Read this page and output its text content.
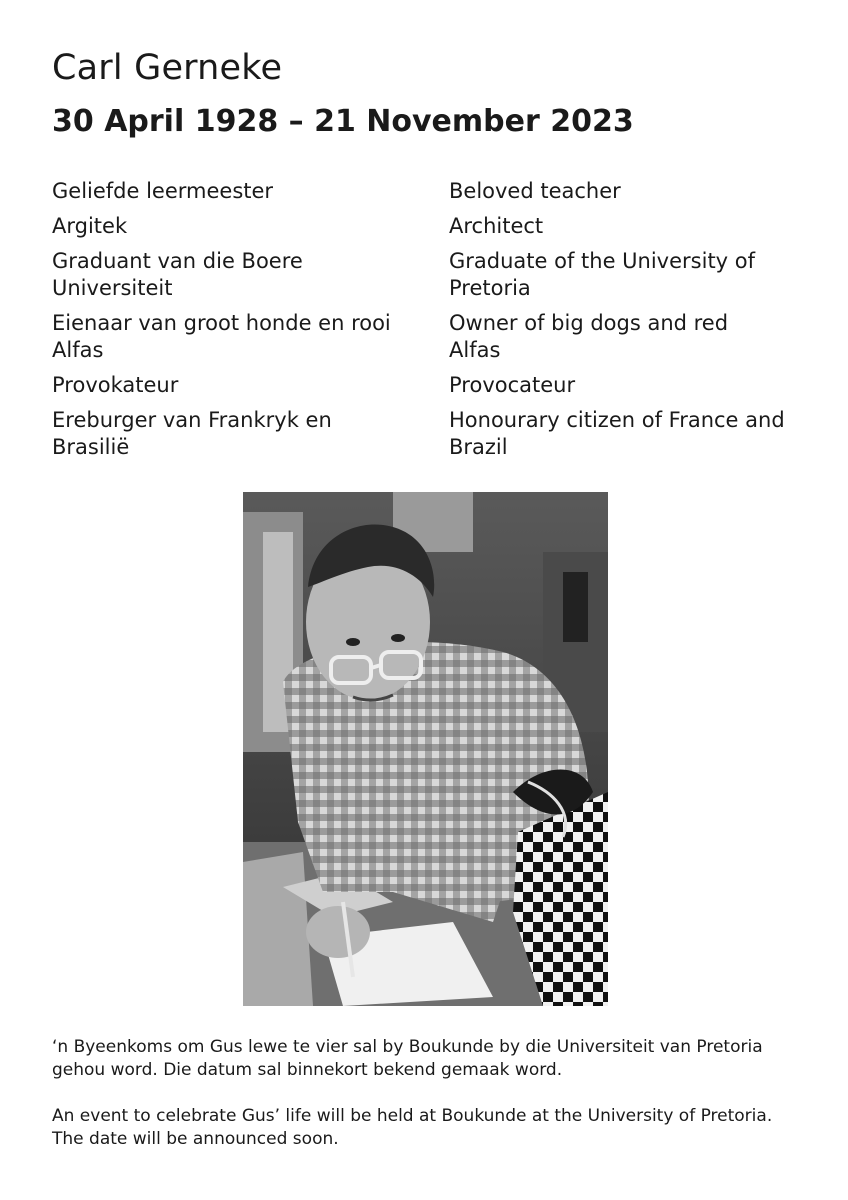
Carl Gerneke
30 April 1928 – 21 November 2023

Geliefde leermeester

Argitek

Graduant van die Boere Universiteit

Eienaar van groot honde en rooi Alfas

Provokateur

Ereburger van Frankryk en Brasilië

Beloved teacher

Architect

Graduate of the University of Pretoria

Owner of big dogs and red Alfas

Provocateur

Honourary citizen of France and Brazil

‘n Byeenkoms om Gus lewe te vier sal by Boukunde by die Universiteit van Pretoria gehou word. Die datum sal binnekort bekend gemaak word.

An event to celebrate Gus’ life will be held at Boukunde at the University of Pretoria. The date will be announced soon.
